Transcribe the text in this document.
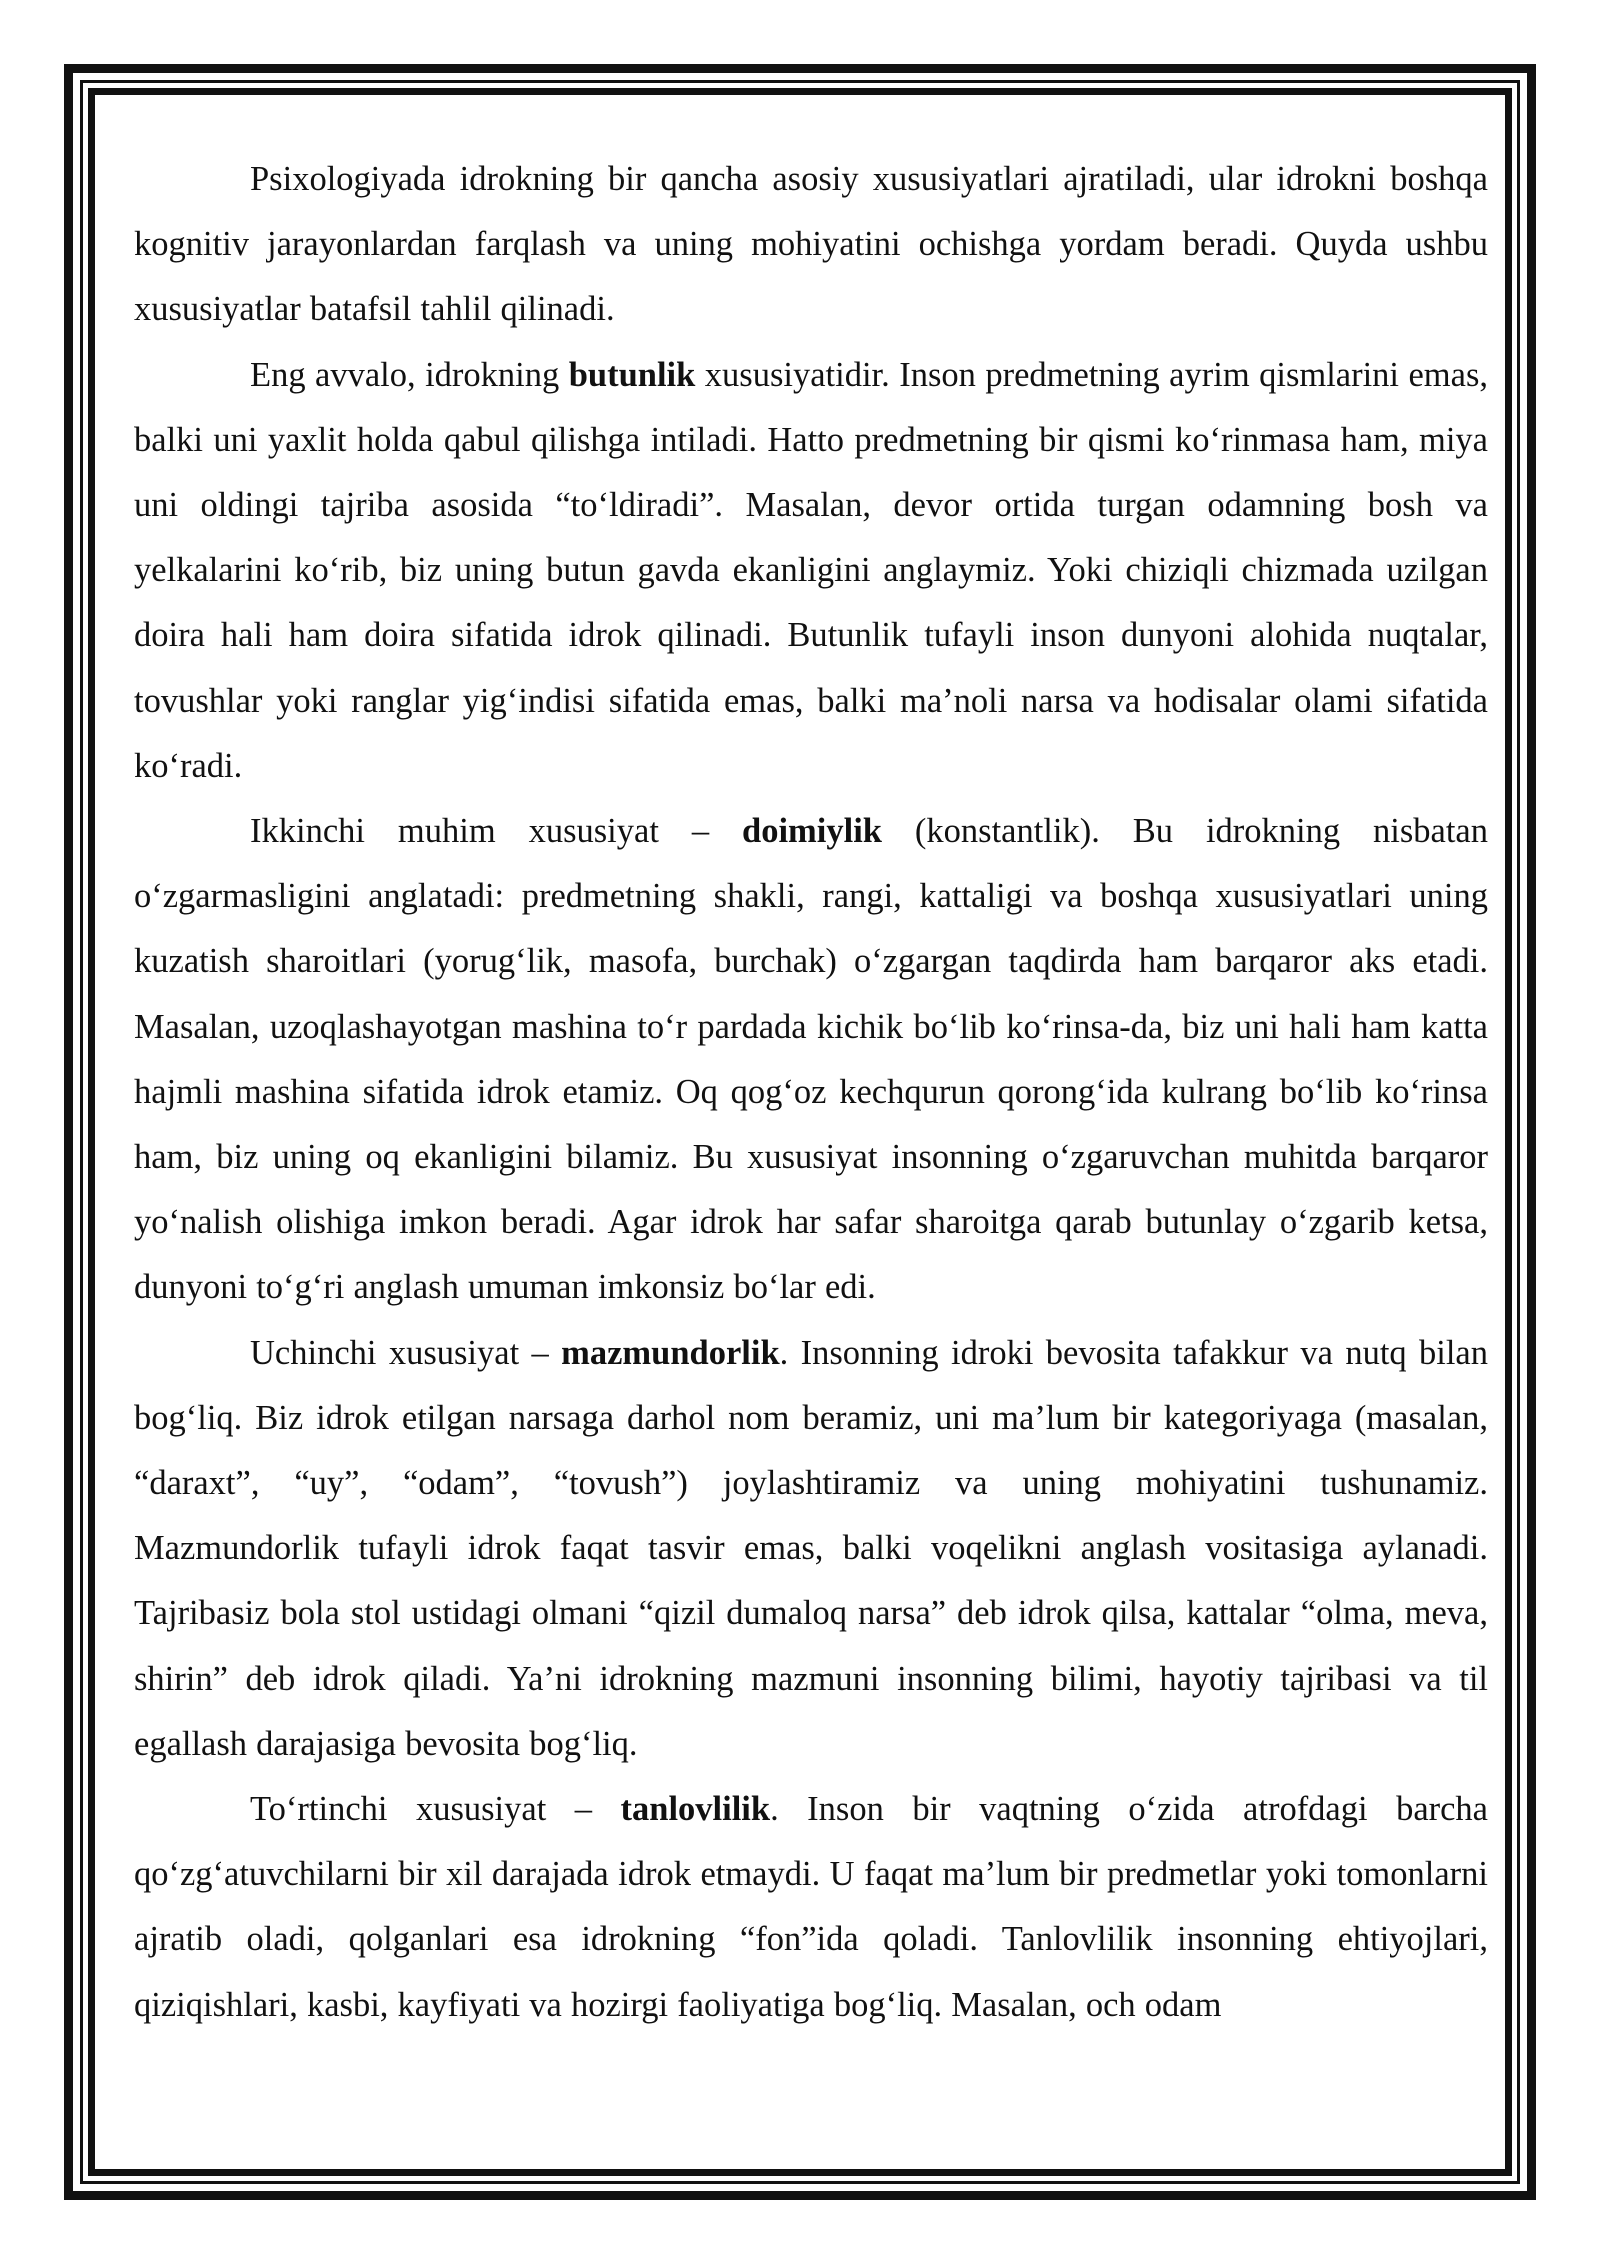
Psixologiyada idrokning bir qancha asosiy xususiyatlari ajratiladi, ular idrokni boshqa kognitiv jarayonlardan farqlash va uning mohiyatini ochishga yordam beradi. Quyda ushbu xususiyatlar batafsil tahlil qilinadi.

Eng avvalo, idrokning butunlik xususiyatidir. Inson predmetning ayrim qismlarini emas, balki uni yaxlit holda qabul qilishga intiladi. Hatto predmetning bir qismi ko‘rinmasa ham, miya uni oldingi tajriba asosida “to‘ldiradi”. Masalan, devor ortida turgan odamning bosh va yelkalarini ko‘rib, biz uning butun gavda ekanligini anglaymiz. Yoki chiziqli chizmada uzilgan doira hali ham doira sifatida idrok qilinadi. Butunlik tufayli inson dunyoni alohida nuqtalar, tovushlar yoki ranglar yig‘indisi sifatida emas, balki ma’noli narsa va hodisalar olami sifatida ko‘radi.

Ikkinchi muhim xususiyat – doimiylik (konstantlik). Bu idrokning nisbatan o‘zgarmasligini anglatadi: predmetning shakli, rangi, kattaligi va boshqa xususiyatlari uning kuzatish sharoitlari (yorug‘lik, masofa, burchak) o‘zgargan taqdirda ham barqaror aks etadi. Masalan, uzoqlashayotgan mashina to‘r pardada kichik bo‘lib ko‘rinsa-da, biz uni hali ham katta hajmli mashina sifatida idrok etamiz. Oq qog‘oz kechqurun qorong‘ida kulrang bo‘lib ko‘rinsa ham, biz uning oq ekanligini bilamiz. Bu xususiyat insonning o‘zgaruvchan muhitda barqaror yo‘nalish olishiga imkon beradi. Agar idrok har safar sharoitga qarab butunlay o‘zgarib ketsa, dunyoni to‘g‘ri anglash umuman imkonsiz bo‘lar edi.

Uchinchi xususiyat – mazmundorlik. Insonning idroki bevosita tafakkur va nutq bilan bog‘liq. Biz idrok etilgan narsaga darhol nom beramiz, uni ma’lum bir kategoriyaga (masalan, “daraxt”, “uy”, “odam”, “tovush”) joylashtiramiz va uning mohiyatini tushunamiz. Mazmundorlik tufayli idrok faqat tasvir emas, balki voqelikni anglash vositasiga aylanadi. Tajribasiz bola stol ustidagi olmani “qizil dumaloq narsa” deb idrok qilsa, kattalar “olma, meva, shirin” deb idrok qiladi. Ya’ni idrokning mazmuni insonning bilimi, hayotiy tajribasi va til egallash darajasiga bevosita bog‘liq.

To‘rtinchi xususiyat – tanlovlilik. Inson bir vaqtning o‘zida atrofdagi barcha qo‘zg‘atuvchilarni bir xil darajada idrok etmaydi. U faqat ma’lum bir predmetlar yoki tomonlarni ajratib oladi, qolganlari esa idrokning “fon”ida qoladi. Tanlovlilik insonning ehtiyojlari, qiziqishlari, kasbi, kayfiyati va hozirgi faoliyatiga bog‘liq. Masalan, och odam
